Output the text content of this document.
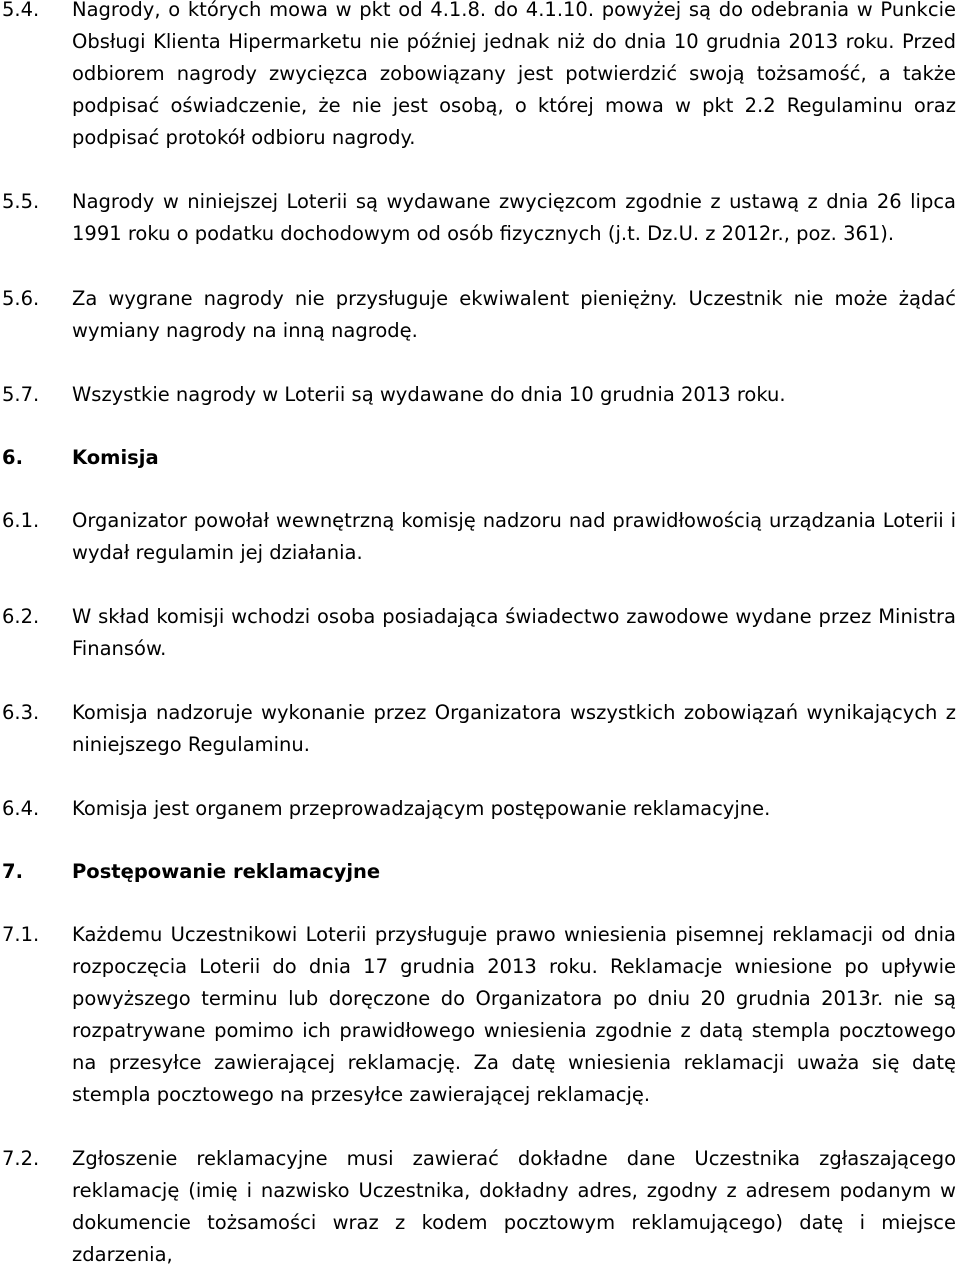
5.4. Nagrody, o których mowa w pkt od 4.1.8. do 4.1.10. powyżej są do odebrania w Punkcie Obsługi Klienta Hipermarketu nie później jednak niż do dnia 10 grudnia 2013 roku. Przed odbiorem nagrody zwycięzca zobowiązany jest potwierdzić swoją tożsamość, a także podpisać oświadczenie, że nie jest osobą, o której mowa w pkt 2.2 Regulaminu oraz podpisać protokół odbioru nagrody.
5.5. Nagrody w niniejszej Loterii są wydawane zwycięzcom zgodnie z ustawą z dnia 26 lipca 1991 roku o podatku dochodowym od osób fizycznych (j.t. Dz.U. z 2012r., poz. 361).
5.6. Za wygrane nagrody nie przysługuje ekwiwalent pieniężny. Uczestnik nie może żądać wymiany nagrody na inną nagrodę.
5.7. Wszystkie nagrody w Loterii są wydawane do dnia 10 grudnia 2013 roku.
6.	Komisja
6.1. Organizator powołał wewnętrzną komisję nadzoru nad prawidłowością urządzania Loterii i wydał regulamin jej działania.
6.2. W skład komisji wchodzi osoba posiadająca świadectwo zawodowe wydane przez Ministra Finansów.
6.3. Komisja nadzoruje wykonanie przez Organizatora wszystkich zobowiązań wynikających z niniejszego Regulaminu.
6.4. Komisja jest organem przeprowadzającym postępowanie reklamacyjne.
7.	Postępowanie reklamacyjne
7.1. Każdemu Uczestnikowi Loterii przysługuje prawo wniesienia pisemnej reklamacji od dnia rozpoczęcia Loterii do dnia 17 grudnia 2013 roku. Reklamacje wniesione po upływie powyższego terminu lub doręczone do Organizatora po dniu 20 grudnia 2013r. nie są rozpatrywane pomimo ich prawidłowego wniesienia zgodnie z datą stempla pocztowego na przesyłce zawierającej reklamację. Za datę wniesienia reklamacji uważa się datę stempla pocztowego na przesyłce zawierającej reklamację.
7.2. Zgłoszenie reklamacyjne musi zawierać dokładne dane Uczestnika zgłaszającego reklamację (imię i nazwisko Uczestnika, dokładny adres, zgodny z adresem podanym w dokumencie tożsamości wraz z kodem pocztowym reklamującego) datę i miejsce zdarzenia,
